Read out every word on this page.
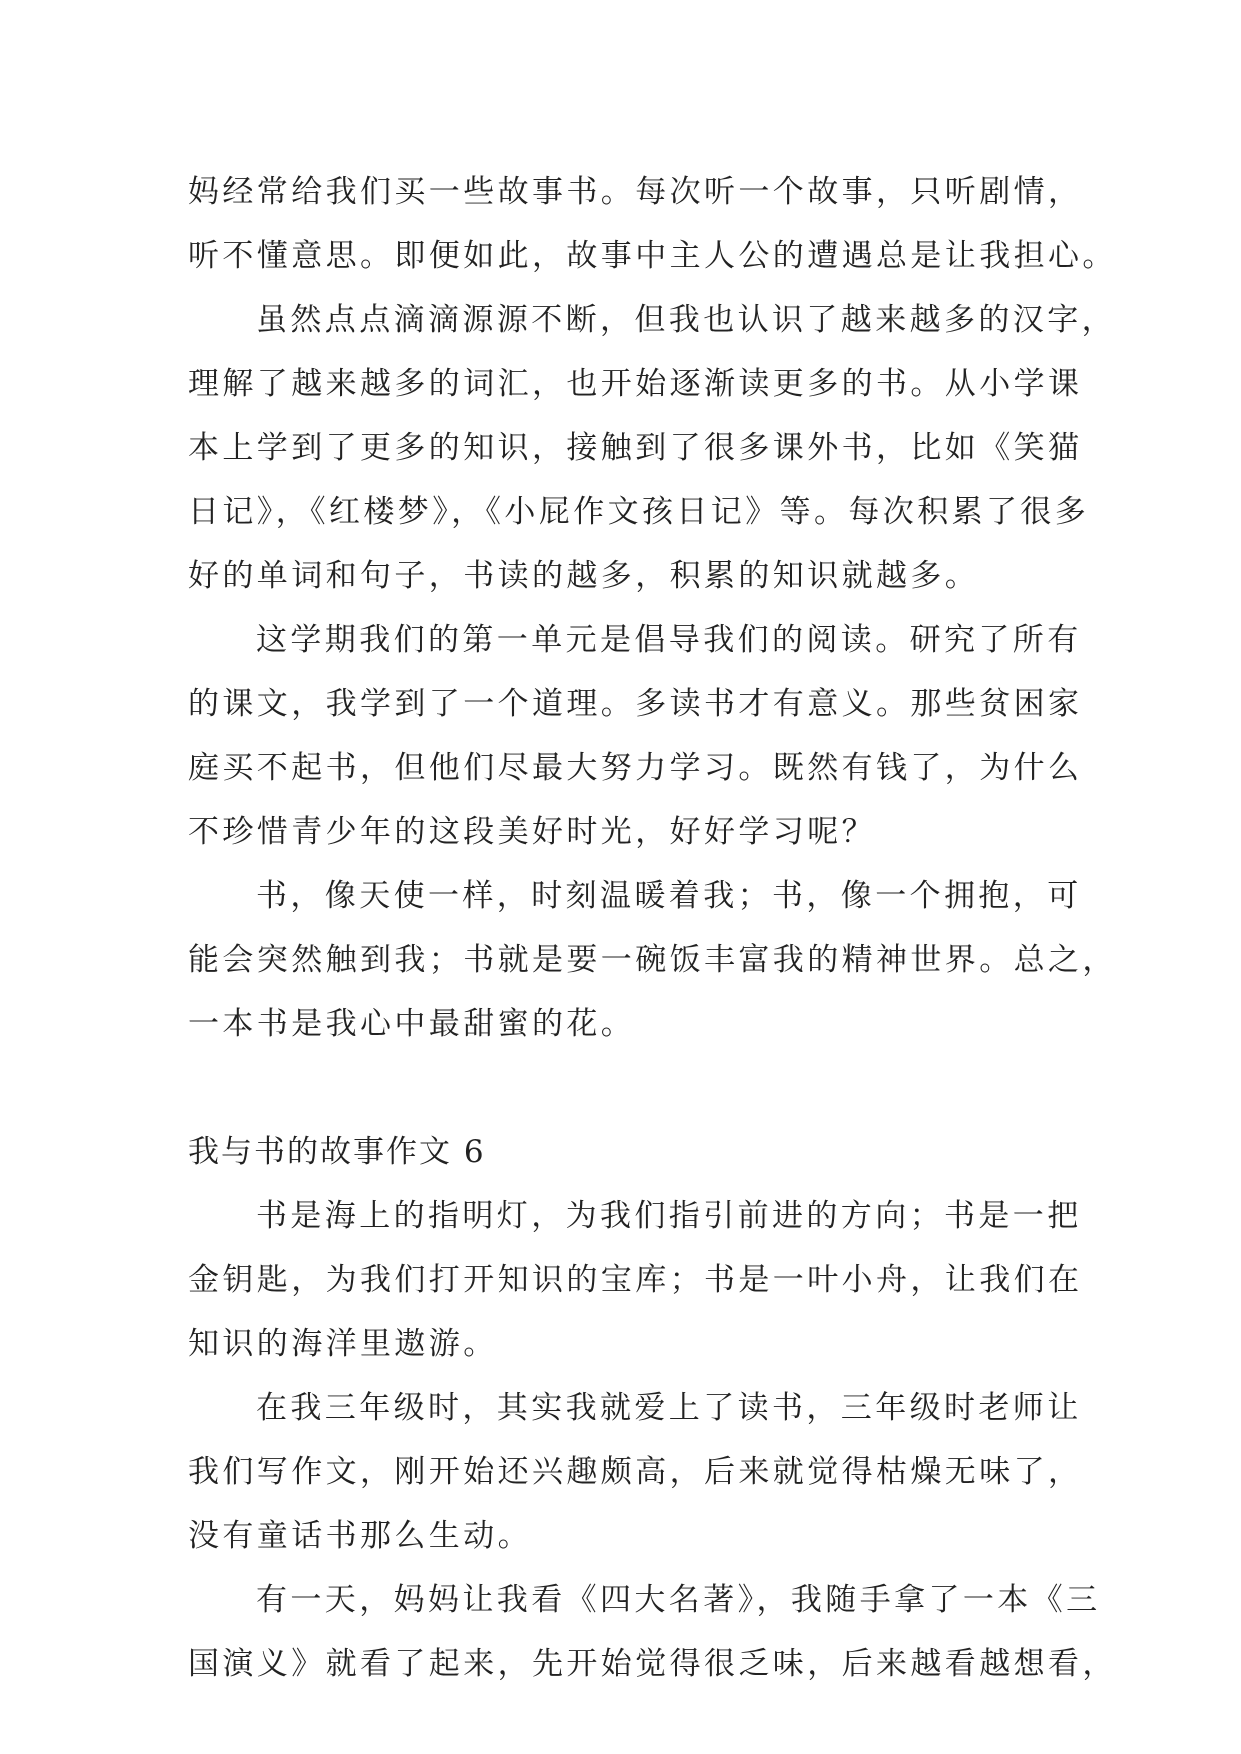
妈经常给我们买一些故事书。每次听一个故事，只听剧情，
听不懂意思。即便如此，故事中主人公的遭遇总是让我担心。
虽然点点滴滴源源不断，但我也认识了越来越多的汉字，
理解了越来越多的词汇，也开始逐渐读更多的书。从小学课
本上学到了更多的知识，接触到了很多课外书，比如《笑猫
日记》，《红楼梦》，《小屁作文孩日记》等。每次积累了很多
好的单词和句子，书读的越多，积累的知识就越多。
这学期我们的第一单元是倡导我们的阅读。研究了所有
的课文，我学到了一个道理。多读书才有意义。那些贫困家
庭买不起书，但他们尽最大努力学习。既然有钱了，为什么
不珍惜青少年的这段美好时光，好好学习呢？
书，像天使一样，时刻温暖着我；书，像一个拥抱，可
能会突然触到我；书就是要一碗饭丰富我的精神世界。总之，
一本书是我心中最甜蜜的花。
我与书的故事作文 6
书是海上的指明灯，为我们指引前进的方向；书是一把
金钥匙，为我们打开知识的宝库；书是一叶小舟，让我们在
知识的海洋里遨游。
在我三年级时，其实我就爱上了读书，三年级时老师让
我们写作文，刚开始还兴趣颇高，后来就觉得枯燥无味了，
没有童话书那么生动。
有一天，妈妈让我看《四大名著》，我随手拿了一本《三
国演义》就看了起来，先开始觉得很乏味，后来越看越想看，
